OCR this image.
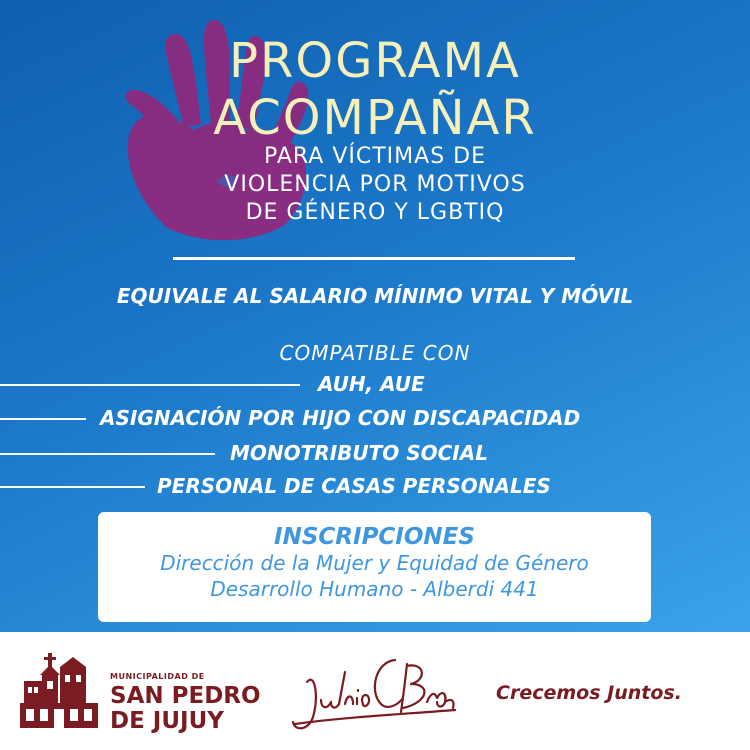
PROGRAMA
ACOMPAÑAR
PARA VÍCTIMAS DE
VIOLENCIA POR MOTIVOS
DE GÉNERO Y LGBTIQ
EQUIVALE AL SALARIO MÍNIMO VITAL Y MÓVIL
COMPATIBLE CON
AUH, AUE
ASIGNACIÓN POR HIJO CON DISCAPACIDAD
MONOTRIBUTO SOCIAL
PERSONAL DE CASAS PERSONALES
INSCRIPCIONES
Dirección de la Mujer y Equidad de Género
Desarrollo Humano - Alberdi 441
MUNICIPALIDAD DE
SAN PEDRO
DE JUJUY
Crecemos Juntos.
